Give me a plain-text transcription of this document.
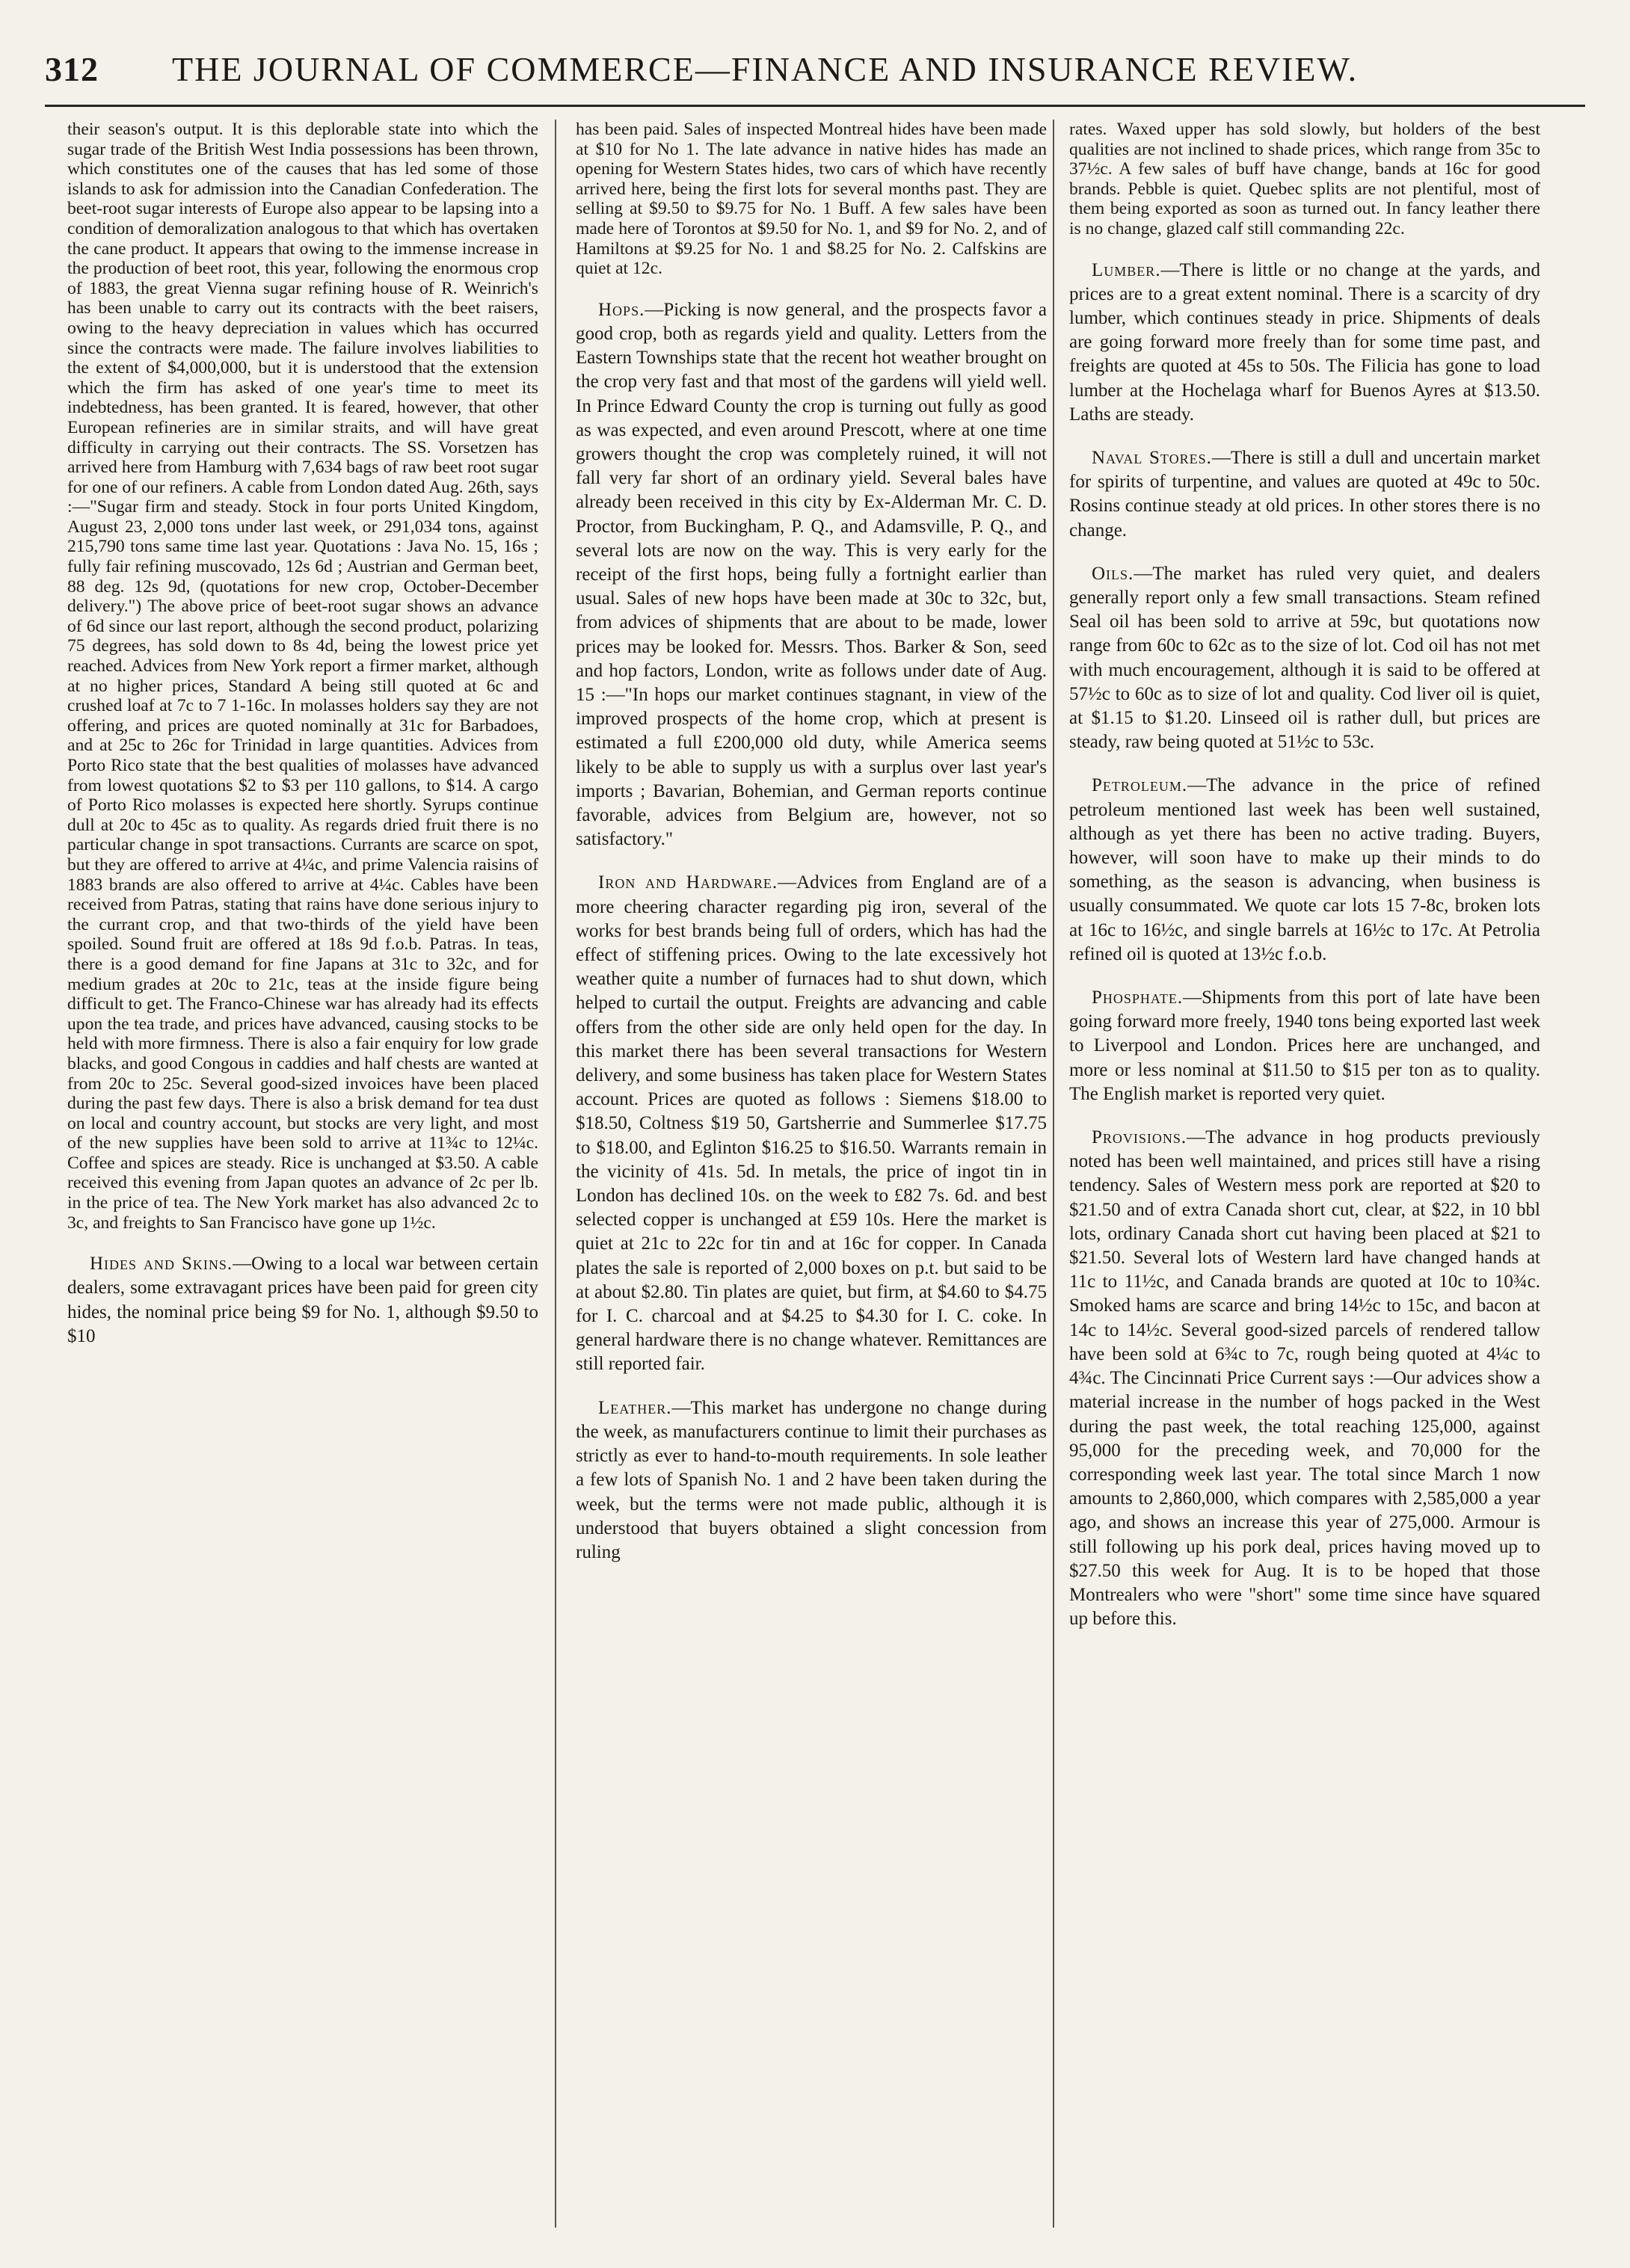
312 THE JOURNAL OF COMMERCE—FINANCE AND INSURANCE REVIEW.

their season's output. It is this deplorable state into which the sugar trade of the British West India possessions has been thrown, which constitutes one of the causes that has led some of those islands to ask for admission into the Canadian Confederation. The beet-root sugar interests of Europe also appear to be lapsing into a condition of demoralization analogous to that which has overtaken the cane product. It appears that owing to the immense increase in the production of beet root, this year, following the enormous crop of 1883, the great Vienna sugar refining house of R. Weinrich's has been unable to carry out its contracts with the beet raisers, owing to the heavy depreciation in values which has occurred since the contracts were made. The failure involves liabilities to the extent of $4,000,000, but it is understood that the extension which the firm has asked of one year's time to meet its indebtedness, has been granted. It is feared, however, that other European refineries are in similar straits, and will have great difficulty in carrying out their contracts. The SS. Vorsetzen has arrived here from Hamburg with 7,634 bags of raw beet root sugar for one of our refiners. A cable from London dated Aug. 26th, says :—"Sugar firm and steady. Stock in four ports United Kingdom, August 23, 2,000 tons under last week, or 291,034 tons, against 215,790 tons same time last year. Quotations : Java No. 15, 16s ; fully fair refining muscovado, 12s 6d ; Austrian and German beet, 88 deg. 12s 9d, (quotations for new crop, October-December delivery.") The above price of beet-root sugar shows an advance of 6d since our last report, although the second product, polarizing 75 degrees, has sold down to 8s 4d, being the lowest price yet reached. Advices from New York report a firmer market, although at no higher prices, Standard A being still quoted at 6c and crushed loaf at 7c to 7 1-16c. In molasses holders say they are not offering, and prices are quoted nominally at 31c for Barbadoes, and at 25c to 26c for Trinidad in large quantities. Advices from Porto Rico state that the best qualities of molasses have advanced from lowest quotations $2 to $3 per 110 gallons, to $14. A cargo of Porto Rico molasses is expected here shortly. Syrups continue dull at 20c to 45c as to quality. As regards dried fruit there is no particular change in spot transactions. Currants are scarce on spot, but they are offered to arrive at 4¼c, and prime Valencia raisins of 1883 brands are also offered to arrive at 4¼c. Cables have been received from Patras, stating that rains have done serious injury to the currant crop, and that two-thirds of the yield have been spoiled. Sound fruit are offered at 18s 9d f.o.b. Patras. In teas, there is a good demand for fine Japans at 31c to 32c, and for medium grades at 20c to 21c, teas at the inside figure being difficult to get. The Franco-Chinese war has already had its effects upon the tea trade, and prices have advanced, causing stocks to be held with more firmness. There is also a fair enquiry for low grade blacks, and good Congous in caddies and half chests are wanted at from 20c to 25c. Several good-sized invoices have been placed during the past few days. There is also a brisk demand for tea dust on local and country account, but stocks are very light, and most of the new supplies have been sold to arrive at 11¾c to 12¼c. Coffee and spices are steady. Rice is unchanged at $3.50. A cable received this evening from Japan quotes an advance of 2c per lb. in the price of tea. The New York market has also advanced 2c to 3c, and freights to San Francisco have gone up 1½c.

Hides and Skins.—Owing to a local war between certain dealers, some extravagant prices have been paid for green city hides, the nominal price being $9 for No. 1, although $9.50 to $10

has been paid. Sales of inspected Montreal hides have been made at $10 for No 1. The late advance in native hides has made an opening for Western States hides, two cars of which have recently arrived here, being the first lots for several months past. They are selling at $9.50 to $9.75 for No. 1 Buff. A few sales have been made here of Torontos at $9.50 for No. 1, and $9 for No. 2, and of Hamiltons at $9.25 for No. 1 and $8.25 for No. 2. Calfskins are quiet at 12c.

Hops.—Picking is now general, and the prospects favor a good crop, both as regards yield and quality. Letters from the Eastern Townships state that the recent hot weather brought on the crop very fast and that most of the gardens will yield well. In Prince Edward County the crop is turning out fully as good as was expected, and even around Prescott, where at one time growers thought the crop was completely ruined, it will not fall very far short of an ordinary yield. Several bales have already been received in this city by Ex-Alderman Mr. C. D. Proctor, from Buckingham, P. Q., and Adamsville, P. Q., and several lots are now on the way. This is very early for the receipt of the first hops, being fully a fortnight earlier than usual. Sales of new hops have been made at 30c to 32c, but, from advices of shipments that are about to be made, lower prices may be looked for. Messrs. Thos. Barker & Son, seed and hop factors, London, write as follows under date of Aug. 15 :—"In hops our market continues stagnant, in view of the improved prospects of the home crop, which at present is estimated a full £200,000 old duty, while America seems likely to be able to supply us with a surplus over last year's imports ; Bavarian, Bohemian, and German reports continue favorable, advices from Belgium are, however, not so satisfactory."

Iron and Hardware.—Advices from England are of a more cheering character regarding pig iron, several of the works for best brands being full of orders, which has had the effect of stiffening prices. Owing to the late excessively hot weather quite a number of furnaces had to shut down, which helped to curtail the output. Freights are advancing and cable offers from the other side are only held open for the day. In this market there has been several transactions for Western delivery, and some business has taken place for Western States account. Prices are quoted as follows : Siemens $18.00 to $18.50, Coltness $19 50, Gartsherrie and Summerlee $17.75 to $18.00, and Eglinton $16.25 to $16.50. Warrants remain in the vicinity of 41s. 5d. In metals, the price of ingot tin in London has declined 10s. on the week to £82 7s. 6d. and best selected copper is unchanged at £59 10s. Here the market is quiet at 21c to 22c for tin and at 16c for copper. In Canada plates the sale is reported of 2,000 boxes on p.t. but said to be at about $2.80. Tin plates are quiet, but firm, at $4.60 to $4.75 for I. C. charcoal and at $4.25 to $4.30 for I. C. coke. In general hardware there is no change whatever. Remittances are still reported fair.

Leather.—This market has undergone no change during the week, as manufacturers continue to limit their purchases as strictly as ever to hand-to-mouth requirements. In sole leather a few lots of Spanish No. 1 and 2 have been taken during the week, but the terms were not made public, although it is understood that buyers obtained a slight concession from ruling

rates. Waxed upper has sold slowly, but holders of the best qualities are not inclined to shade prices, which range from 35c to 37½c. A few sales of buff have change, bands at 16c for good brands. Pebble is quiet. Quebec splits are not plentiful, most of them being exported as soon as turned out. In fancy leather there is no change, glazed calf still commanding 22c.

Lumber.—There is little or no change at the yards, and prices are to a great extent nominal. There is a scarcity of dry lumber, which continues steady in price. Shipments of deals are going forward more freely than for some time past, and freights are quoted at 45s to 50s. The Filicia has gone to load lumber at the Hochelaga wharf for Buenos Ayres at $13.50. Laths are steady.

Naval Stores.—There is still a dull and uncertain market for spirits of turpentine, and values are quoted at 49c to 50c. Rosins continue steady at old prices. In other stores there is no change.

Oils.—The market has ruled very quiet, and dealers generally report only a few small transactions. Steam refined Seal oil has been sold to arrive at 59c, but quotations now range from 60c to 62c as to the size of lot. Cod oil has not met with much encouragement, although it is said to be offered at 57½c to 60c as to size of lot and quality. Cod liver oil is quiet, at $1.15 to $1.20. Linseed oil is rather dull, but prices are steady, raw being quoted at 51½c to 53c.

Petroleum.—The advance in the price of refined petroleum mentioned last week has been well sustained, although as yet there has been no active trading. Buyers, however, will soon have to make up their minds to do something, as the season is advancing, when business is usually consummated. We quote car lots 15 7-8c, broken lots at 16c to 16½c, and single barrels at 16½c to 17c. At Petrolia refined oil is quoted at 13½c f.o.b.

Phosphate.—Shipments from this port of late have been going forward more freely, 1940 tons being exported last week to Liverpool and London. Prices here are unchanged, and more or less nominal at $11.50 to $15 per ton as to quality. The English market is reported very quiet.

Provisions.—The advance in hog products previously noted has been well maintained, and prices still have a rising tendency. Sales of Western mess pork are reported at $20 to $21.50 and of extra Canada short cut, clear, at $22, in 10 bbl lots, ordinary Canada short cut having been placed at $21 to $21.50. Several lots of Western lard have changed hands at 11c to 11½c, and Canada brands are quoted at 10c to 10¾c. Smoked hams are scarce and bring 14½c to 15c, and bacon at 14c to 14½c. Several good-sized parcels of rendered tallow have been sold at 6¾c to 7c, rough being quoted at 4¼c to 4¾c. The Cincinnati Price Current says :—Our advices show a material increase in the number of hogs packed in the West during the past week, the total reaching 125,000, against 95,000 for the preceding week, and 70,000 for the corresponding week last year. The total since March 1 now amounts to 2,860,000, which compares with 2,585,000 a year ago, and shows an increase this year of 275,000. Armour is still following up his pork deal, prices having moved up to $27.50 this week for Aug. It is to be hoped that those Montrealers who were "short" some time since have squared up before this.
